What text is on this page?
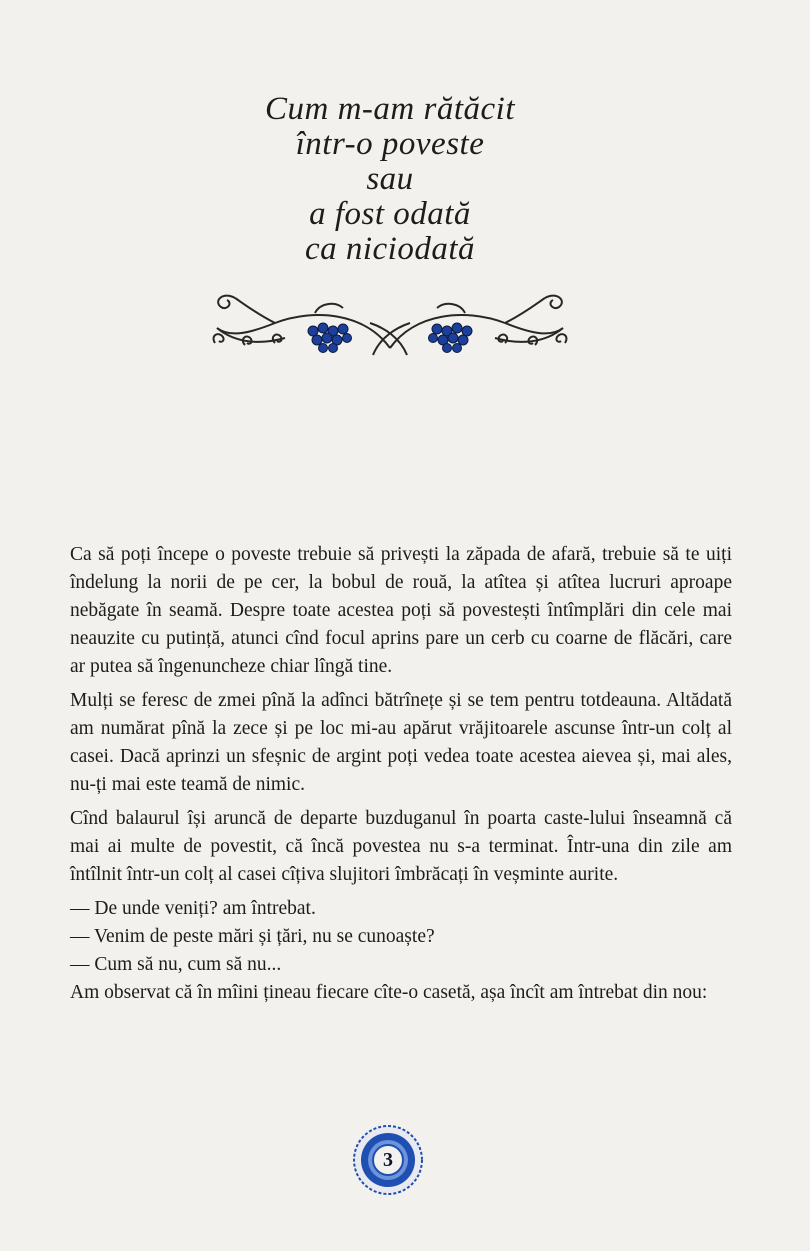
Cum m-am rătăcit
într-o poveste
sau
a fost odată
ca niciodată

Ca să poți începe o poveste trebuie să privești la zăpada de afară, trebuie să te uiți îndelung la norii de pe cer, la bobul de rouă, la atîtea și atîtea lucruri aproape nebăgate în seamă. Despre toate acestea poți să povestești întîmplări din cele mai neauzite cu putință, atunci cînd focul aprins pare un cerb cu coarne de flăcări, care ar putea să îngenuncheze chiar lîngă tine.

Mulți se feresc de zmei pînă la adînci bătrînețe și se tem pentru totdeauna. Altădată am numărat pînă la zece și pe loc mi-au apărut vrăjitoarele ascunse într-un colț al casei. Dacă aprinzi un sfeșnic de argint poți vedea toate acestea aievea și, mai ales, nu-ți mai este teamă de nimic.

Cînd balaurul își aruncă de departe buzduganul în poarta caste-lului înseamnă că mai ai multe de povestit, că încă povestea nu s-a terminat. Într-una din zile am întîlnit într-un colț al casei cîțiva slujitori îmbrăcați în veșminte aurite.

— De unde veniți? am întrebat.

— Venim de peste mări și țări, nu se cunoaște?

— Cum să nu, cum să nu...

Am observat că în mîini țineau fiecare cîte-o casetă, așa încît am întrebat din nou:

3
